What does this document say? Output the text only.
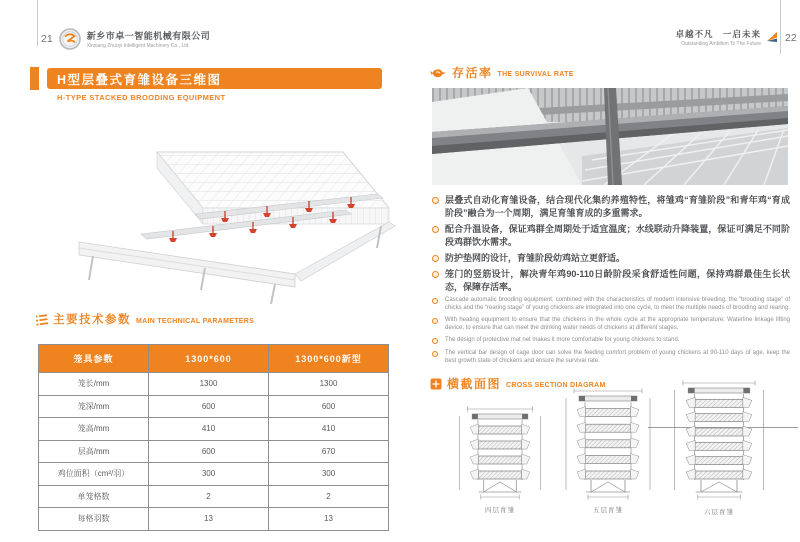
21	新乡市卓一智能机械有限公司
Xinxiang Zhuoyi Intelligent Machinery Co., Ltd
卓越不凡　一启未来
Outstanding Ambition To The Future 22
H型层叠式育雏设备三维图
H-TYPE STACKED BROODING EQUIPMENT
主要技术参数 MAIN TECHNICAL PARAMETERS
笼具参数	1300*600	1300*600新型
笼长/mm	1300	1300
笼深/mm	600	600
笼高/mm	410	410
层高/mm	600	670
鸡位面积（cm²/羽）	300	300
单笼格数	2	2
每格羽数	13	13
存活率 THE SURVIVAL RATE
层叠式自动化育雏设备，结合现代化集约养殖特性，将雏鸡“育雏阶段”和青年鸡“育成阶段”融合为一个周期，满足育雏育成的多重需求。
配合升温设备，保证鸡群全周期处于适宜温度；水线联动升降装置，保证可满足不同阶段鸡群饮水需求。
防护垫网的设计，育雏阶段幼鸡站立更舒适。
笼门的竖筋设计，解决青年鸡90-110日龄阶段采食舒适性问题，保持鸡群最佳生长状态，保障存活率。
Cascade automatic brooding equipment, combined with the characteristics of modern intensive breeding, the “brooding stage” of chicks and the “rearing stage” of young chickens are integrated into one cycle, to meet the multiple needs of brooding and rearing.
With heating equipment to ensure that the chickens in the whole cycle at the appropriate temperature; Waterline linkage lifting device, to ensure that can meet the drinking water needs of chickens at different stages.
The design of protective mat net makes it more comfortable for young chickens to stand.
The vertical bar design of cage door can solve the feeding comfort problem of young chickens at 90-110 days of age, keep the best growth state of chickens and ensure the survival rate.
横截面图 CROSS SECTION DIAGRAM
四层育雏	五层育雏	六层育雏
